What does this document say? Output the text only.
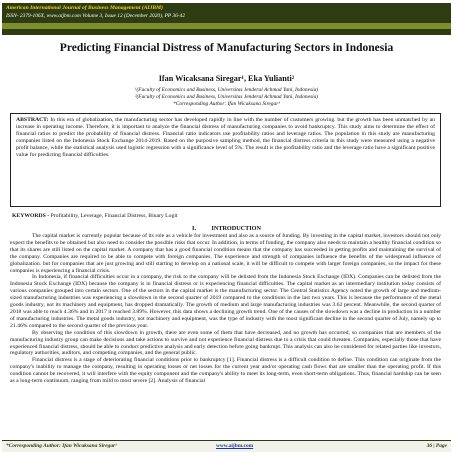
American International Journal of Business Management (AIJBM)
ISSN- 2379-106X, www.aijbm.com Volume 3, Issue 12 (December 2020), PP 36-42
Predicting Financial Distress of Manufacturing Sectors in Indonesia
Ifan Wicaksana Siregar¹, Eka Yulianti²
¹(Faculty of Economics and Business, Universitas Jenderal Achmad Yani, Indonesia)
²(Faculty of Economics and Business, Universitas Jenderal Achmad Yani, Indonesia)
*Corresponding Author: Ifan Wicaksana Siregar¹
ABSTRACT: In this era of globalization, the manufacturing sector has developed rapidly in line with the number of customers growing. but the growth has been unmatched by an increase in operating income. Therefore, it is important to analyze the financial distress of manufacturing companies to avoid bankruptcy. This study aims to determine the effect of financial ratios to predict the probability of financial distress. Financial ratio indicators use profitability ratios and leverage ratios. The population in this study are manufacturing companies listed on the Indonesia Stock Exchange 2014-2019. Based on the purposive sampling method, the financial distress criteria in this study were measured using a negative profit balance, while the statistical analysis used logistic regression with a significance level of 5%. The result is the profitability ratio and the leverage ratio have a significant positive value for predicting financial difficulties.
KEYWORDS - Profitability, Leverage, Financial Distress, Binary Logit
I.          INTRODUCTION

The capital market is currently popular because of its role as a vehicle for investment and also as a source of funding. By investing in the capital market, investors should not only expect the benefits to be obtained but also need to consider the possible risks that occur. In addition, in terms of funding, the company also needs to maintain a healthy financial condition so that its shares are still listed on the capital market. A company that has a good financial condition means that the company has succeeded in getting profits and maintaining the survival of the company. Companies are required to be able to compete with foreign companies. The experience and strength of companies influence the benefits of the widespread influence of globalization. but for companies that are just growing and still starting to develop on a national scale, it will be difficult to compete with larger foreign companies, so the impact for these companies is experiencing a financial crisis.

In Indonesia, if financial difficulties occur in a company, the risk to the company will be delisted from the Indonesia Stock Exchange (IDX). Companies can be delisted from the Indonesia Stock Exchange (IDX) because the company is in financial distress or is experiencing financial difficulties. The capital market as an intermediary institution today consists of various companies grouped into certain sectors. One of the sectors in the capital market is the manufacturing sector. The Central Statistics Agency noted the growth of large and medium-sized manufacturing industries was experiencing a slowdown in the second quarter of 2019 compared to the conditions in the last two years. This is because the performance of the metal goods industry, not its machinery and equipment, has dropped dramatically. The growth of medium and large manufacturing industries was 3.62 percent. Meanwhile, the second quarter of 2018 was able to reach 4.36% and in 2017 it reached 3.89%. However, this data shows a declining growth trend. One of the causes of the slowdown was a decline in production in a number of manufacturing industries. The metal goods industry, not machinery and equipment, was the type of industry with the most significant decline in the second quarter of July, namely up to 21.46% compared to the second quarter of the previous year.

By observing the condition of this slowdown in growth, there are even some of them that have decreased, and no growth has occurred, so companies that are members of the manufacturing industry group can make decisions and take actions to survive and not experience financial distress due to a crisis that could threaten. Companies, especially those that have experienced financial distress, should be able to conduct predictive analysis and early detection before going bankrupt. This analysis can also be considered for related parties like investors, regulatory authorities, auditors, and competing companies, and the general public.

Financial distress is a stage of deteriorating financial conditions prior to bankruptcy [1]. Financial distress is a difficult condition to define. This condition can originate from the company's inability to manage the company, resulting in operating losses or net losses for the current year and/or operating cash flows that are smaller than the operating profit. If this condition cannot be recovered, it will interfere with the equity component and the company's ability to meet its long-term, even short-term obligations. Thus, financial hardship can be seen as a long-term continuum, ranging from mild to most severe [2]. Analysis of financial

*Corresponding Author: Ifan Wicaksana Siregar¹	www.aijbm.com	36 | Page
